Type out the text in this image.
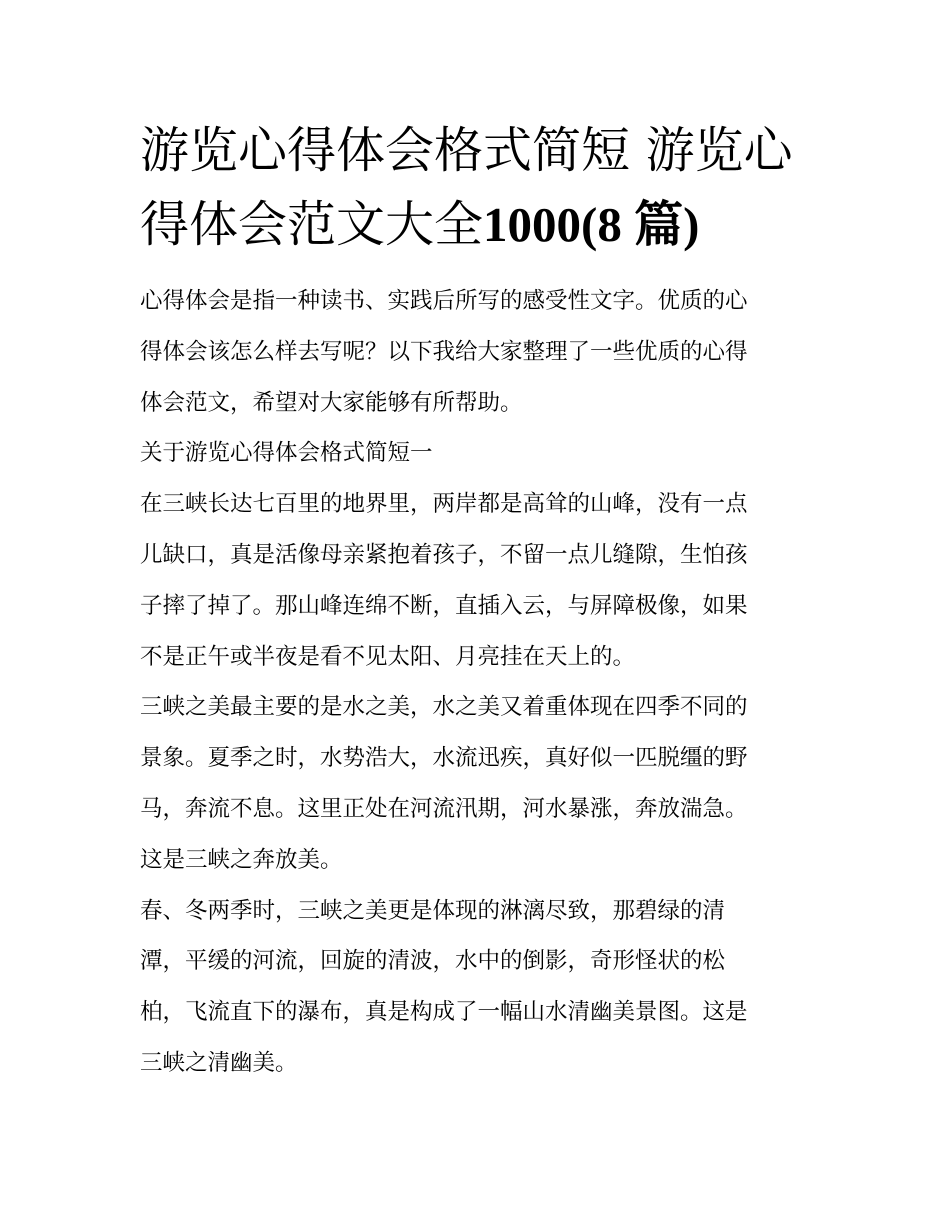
游览心得体会格式简短 游览心
得体会范文大全1000(8 篇)

心得体会是指一种读书、实践后所写的感受性文字。优质的心
得体会该怎么样去写呢？以下我给大家整理了一些优质的心得
体会范文，希望对大家能够有所帮助。

关于游览心得体会格式简短一

在三峡长达七百里的地界里，两岸都是高耸的山峰，没有一点
儿缺口，真是活像母亲紧抱着孩子，不留一点儿缝隙，生怕孩
子摔了掉了。那山峰连绵不断，直插入云，与屏障极像，如果
不是正午或半夜是看不见太阳、月亮挂在天上的。

三峡之美最主要的是水之美，水之美又着重体现在四季不同的
景象。夏季之时，水势浩大，水流迅疾，真好似一匹脱缰的野
马，奔流不息。这里正处在河流汛期，河水暴涨，奔放湍急。
这是三峡之奔放美。

春、冬两季时，三峡之美更是体现的淋漓尽致，那碧绿的清
潭，平缓的河流，回旋的清波，水中的倒影，奇形怪状的松
柏，飞流直下的瀑布，真是构成了一幅山水清幽美景图。这是
三峡之清幽美。
